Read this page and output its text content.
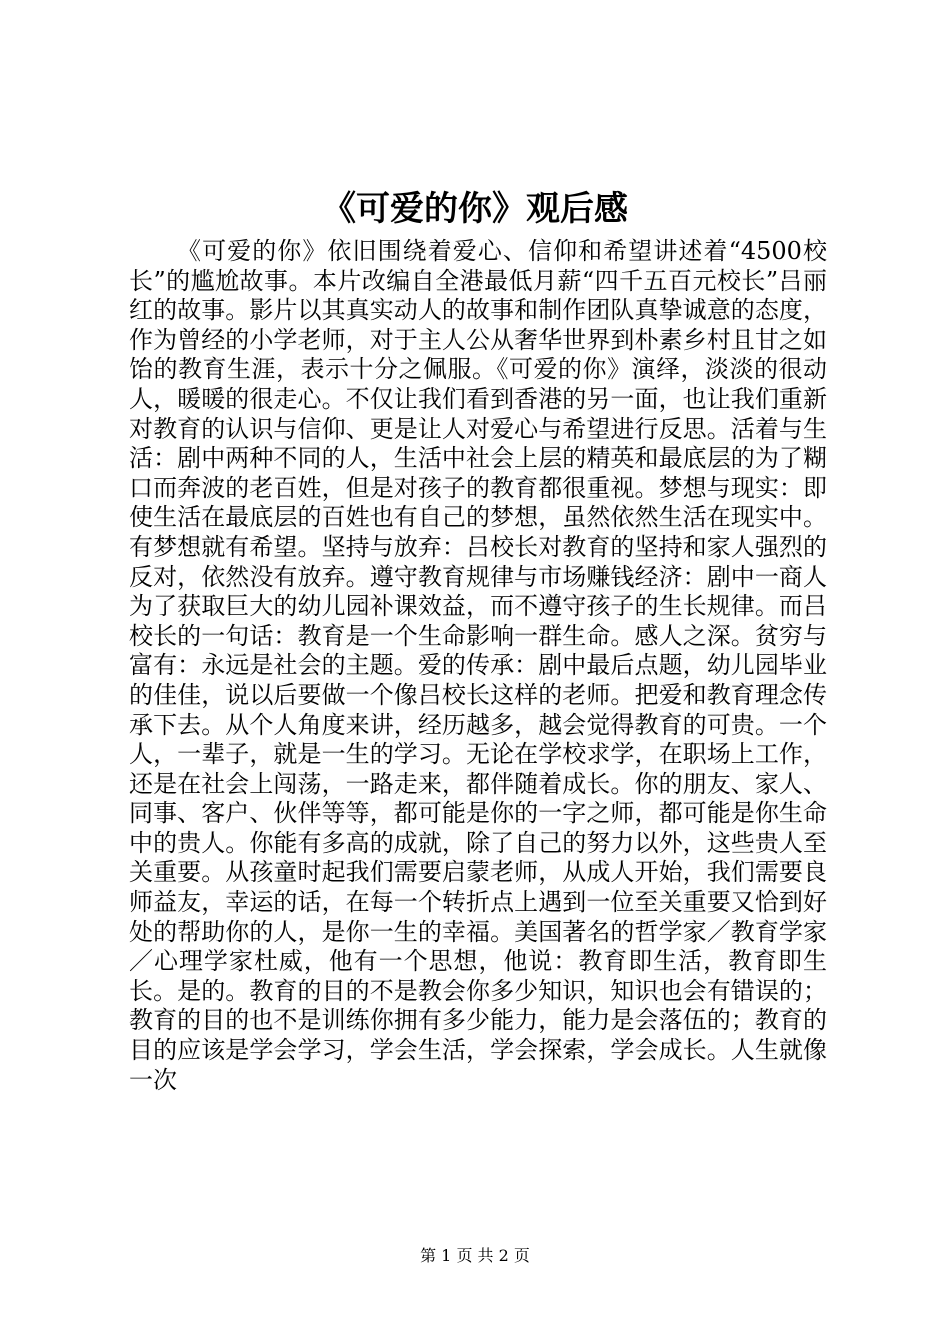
《可爱的你》观后感

《可爱的你》依旧围绕着爱心、信仰和希望讲述着“4500校长”的尴尬故事。本片改编自全港最低月薪“四千五百元校长”吕丽红的故事。影片以其真实动人的故事和制作团队真挚诚意的态度，作为曾经的小学老师，对于主人公从奢华世界到朴素乡村且甘之如饴的教育生涯，表示十分之佩服。《可爱的你》演绎，淡淡的很动人，暖暖的很走心。不仅让我们看到香港的另一面，也让我们重新对教育的认识与信仰、更是让人对爱心与希望进行反思。活着与生活：剧中两种不同的人，生活中社会上层的精英和最底层的为了糊口而奔波的老百姓，但是对孩子的教育都很重视。梦想与现实：即使生活在最底层的百姓也有自己的梦想，虽然依然生活在现实中。有梦想就有希望。坚持与放弃：吕校长对教育的坚持和家人强烈的反对，依然没有放弃。遵守教育规律与市场赚钱经济：剧中一商人为了获取巨大的幼儿园补课效益，而不遵守孩子的生长规律。而吕校长的一句话：教育是一个生命影响一群生命。感人之深。贫穷与富有：永远是社会的主题。爱的传承：剧中最后点题，幼儿园毕业的佳佳，说以后要做一个像吕校长这样的老师。把爱和教育理念传承下去。从个人角度来讲，经历越多，越会觉得教育的可贵。一个人，一辈子，就是一生的学习。无论在学校求学，在职场上工作，还是在社会上闯荡，一路走来，都伴随着成长。你的朋友、家人、同事、客户、伙伴等等，都可能是你的一字之师，都可能是你生命中的贵人。你能有多高的成就，除了自己的努力以外，这些贵人至关重要。从孩童时起我们需要启蒙老师，从成人开始，我们需要良师益友，幸运的话，在每一个转折点上遇到一位至关重要又恰到好处的帮助你的人，是你一生的幸福。美国著名的哲学家／教育学家／心理学家杜威，他有一个思想，他说：教育即生活，教育即生长。是的。教育的目的不是教会你多少知识，知识也会有错误的；教育的目的也不是训练你拥有多少能力，能力是会落伍的；教育的目的应该是学会学习，学会生活，学会探索，学会成长。人生就像一次

第 1 页 共 2 页
